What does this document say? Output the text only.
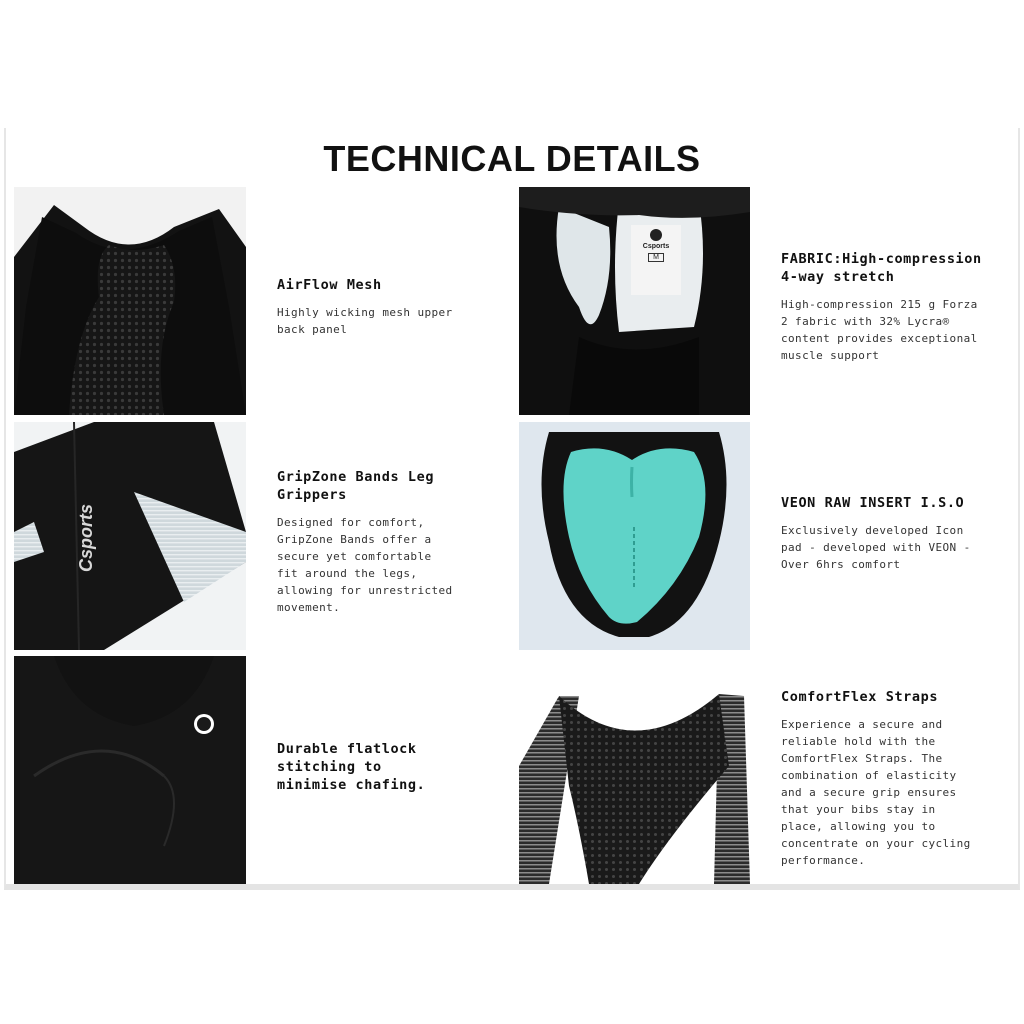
TECHNICAL DETAILS
Csports
M
Csports
AirFlow Mesh

Highly wicking mesh upper back panel

FABRIC:High-compression 4-way stretch

High-compression 215 g Forza 2 fabric with 32% Lycra® content provides exceptional muscle support

GripZone Bands Leg Grippers

Designed for comfort, GripZone Bands offer a secure yet comfortable fit around the legs, allowing for unrestricted movement.

VEON RAW INSERT I.S.O

Exclusively developed Icon pad - developed with VEON - Over 6hrs comfort

Durable flatlock stitching to minimise chafing.

ComfortFlex Straps

Experience a secure and reliable hold with the ComfortFlex Straps. The combination of elasticity and a secure grip ensures that your bibs stay in place, allowing you to concentrate on your cycling performance.
